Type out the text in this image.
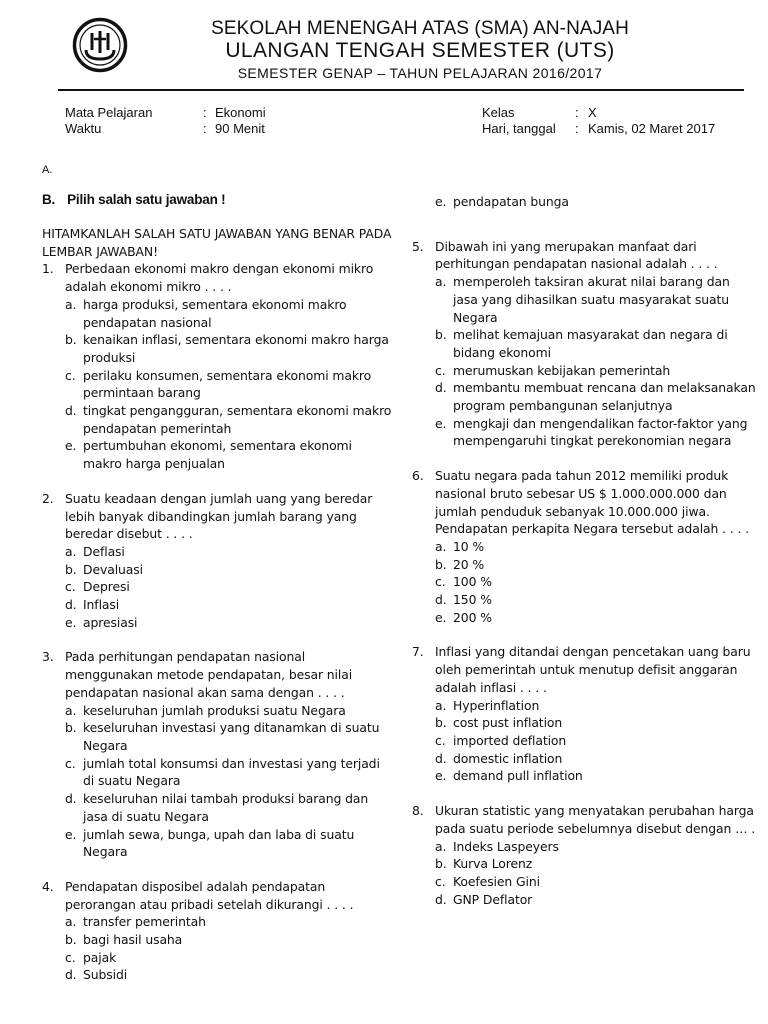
SEKOLAH MENENGAH ATAS (SMA) AN-NAJAH
ULANGAN TENGAH SEMESTER (UTS)
SEMESTER GENAP – TAHUN PELAJARAN 2016/2017
Mata Pelajaran	: Ekonomi
Waktu	: 90 Menit
Kelas	: X
Hari, tanggal : Kamis, 02 Maret 2017
A.
B. Pilih salah satu jawaban !
HITAMKANLAH SALAH SATU JAWABAN YANG BENAR PADA LEMBAR JAWABAN!
1. Perbedaan ekonomi makro dengan ekonomi mikro adalah ekonomi mikro . . . .
a. harga produksi, sementara ekonomi makro pendapatan nasional
b. kenaikan inflasi, sementara ekonomi makro harga produksi
c. perilaku konsumen, sementara ekonomi makro permintaan barang
d. tingkat pengangguran, sementara ekonomi makro pendapatan pemerintah
e. pertumbuhan ekonomi, sementara ekonomi makro harga penjualan
2. Suatu keadaan dengan jumlah uang yang beredar lebih banyak dibandingkan jumlah barang yang beredar disebut . . . .
a. Deflasi
b. Devaluasi
c. Depresi
d. Inflasi
e. apresiasi
3. Pada perhitungan pendapatan nasional menggunakan metode pendapatan, besar nilai pendapatan nasional akan sama dengan . . . .
a. keseluruhan jumlah produksi suatu Negara
b. keseluruhan investasi yang ditanamkan di suatu Negara
c. jumlah total konsumsi dan investasi yang terjadi di suatu Negara
d. keseluruhan nilai tambah produksi barang dan jasa di suatu Negara
e. jumlah sewa, bunga, upah dan laba di suatu Negara
4. Pendapatan disposibel adalah pendapatan perorangan atau pribadi setelah dikurangi . . . .
a. transfer pemerintah
b. bagi hasil usaha
c. pajak
d. Subsidi
e. pendapatan bunga
5. Dibawah ini yang merupakan manfaat dari perhitungan pendapatan nasional adalah . . . .
a. memperoleh taksiran akurat nilai barang dan jasa yang dihasilkan suatu masyarakat suatu Negara
b. melihat kemajuan masyarakat dan negara di bidang ekonomi
c. merumuskan kebijakan pemerintah
d. membantu membuat rencana dan melaksanakan program pembangunan selanjutnya
e. mengkaji dan mengendalikan factor-faktor yang mempengaruhi tingkat perekonomian negara
6. Suatu negara pada tahun 2012 memiliki produk nasional bruto sebesar US $ 1.000.000.000 dan jumlah penduduk sebanyak 10.000.000 jiwa. Pendapatan perkapita Negara tersebut adalah . . . .
a. 10 %
b. 20 %
c. 100 %
d. 150 %
e. 200 %
7. Inflasi yang ditandai dengan pencetakan uang baru oleh pemerintah untuk menutup defisit anggaran adalah inflasi . . . .
a. Hyperinflation
b. cost pust inflation
c. imported deflation
d. domestic inflation
e. demand pull inflation
8. Ukuran statistic yang menyatakan perubahan harga pada suatu periode sebelumnya disebut dengan … .
a. Indeks Laspeyers
b. Kurva Lorenz
c. Koefesien Gini
d. GNP Deflator
